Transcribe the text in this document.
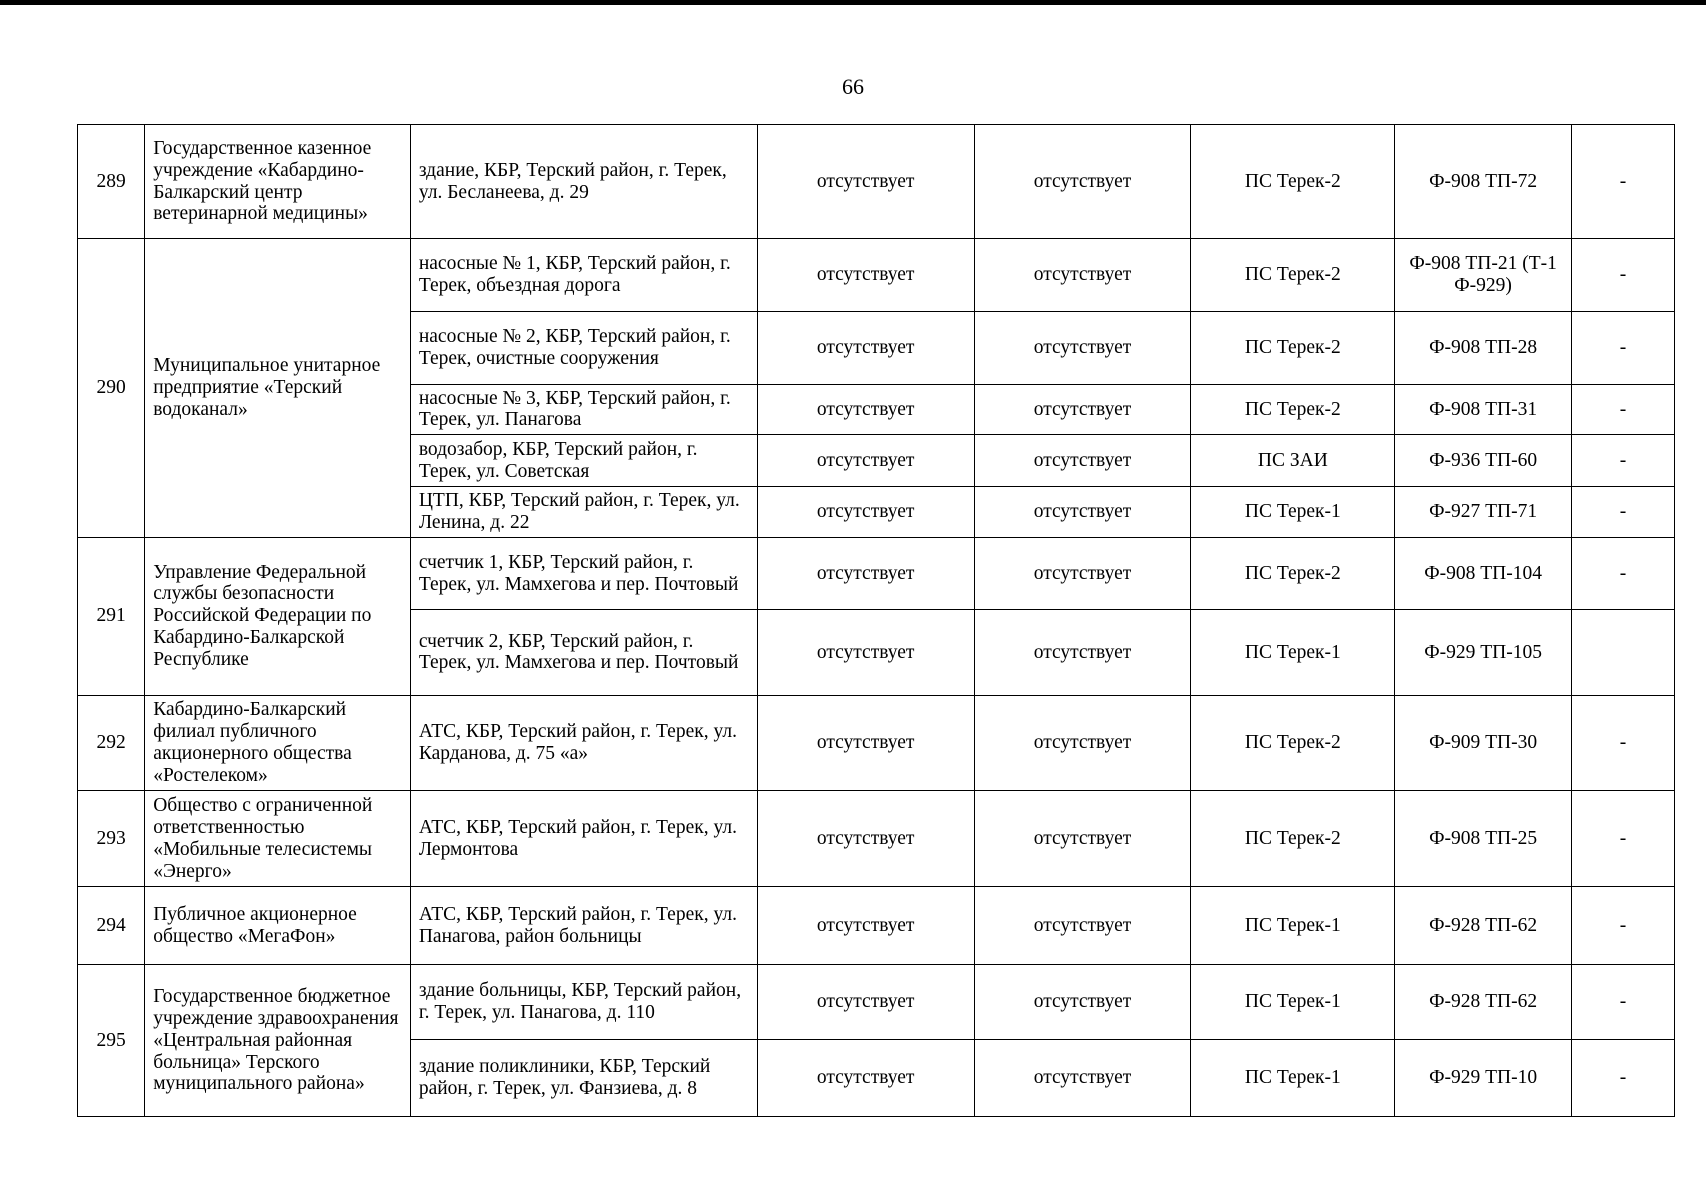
66
289	Государственное казенное учреждение «Кабардино-Балкарский центр ветеринарной медицины»	здание, КБР, Терский район, г. Терек, ул. Бесланеева, д. 29	отсутствует	отсутствует	ПС Терек-2	Ф-908 ТП-72	-
290	Муниципальное унитарное предприятие «Терский водоканал»	насосные № 1, КБР, Терский район, г. Терек, объездная дорога	отсутствует	отсутствует	ПС Терек-2	Ф-908 ТП-21 (Т-1 Ф-929)	-
		насосные № 2, КБР, Терский район, г. Терек, очистные сооружения	отсутствует	отсутствует	ПС Терек-2	Ф-908 ТП-28	-
		насосные № 3, КБР, Терский район, г. Терек, ул. Панагова	отсутствует	отсутствует	ПС Терек-2	Ф-908 ТП-31	-
		водозабор, КБР, Терский район, г. Терек, ул. Советская	отсутствует	отсутствует	ПС ЗАИ	Ф-936 ТП-60	-
		ЦТП, КБР, Терский район, г. Терек, ул. Ленина, д. 22	отсутствует	отсутствует	ПС Терек-1	Ф-927 ТП-71	-
291	Управление Федеральной службы безопасности Российской Федерации по Кабардино-Балкарской Республике	счетчик 1, КБР, Терский район, г. Терек, ул. Мамхегова и пер. Почтовый	отсутствует	отсутствует	ПС Терек-2	Ф-908 ТП-104	-
		счетчик 2, КБР, Терский район, г. Терек, ул. Мамхегова и пер. Почтовый	отсутствует	отсутствует	ПС Терек-1	Ф-929 ТП-105	
292	Кабардино-Балкарский филиал публичного акционерного общества «Ростелеком»	АТС, КБР, Терский район, г. Терек, ул. Карданова, д. 75 «а»	отсутствует	отсутствует	ПС Терек-2	Ф-909 ТП-30	-
293	Общество с ограниченной ответственностью «Мобильные телесистемы «Энерго»	АТС, КБР, Терский район, г. Терек, ул. Лермонтова	отсутствует	отсутствует	ПС Терек-2	Ф-908 ТП-25	-
294	Публичное акционерное общество «МегаФон»	АТС, КБР, Терский район, г. Терек, ул. Панагова, район больницы	отсутствует	отсутствует	ПС Терек-1	Ф-928 ТП-62	-
295	Государственное бюджетное учреждение здравоохранения «Центральная районная больница» Терского муниципального района»	здание больницы, КБР, Терский район, г. Терек, ул. Панагова, д. 110	отсутствует	отсутствует	ПС Терек-1	Ф-928 ТП-62	-
		здание поликлиники, КБР, Терский район, г. Терек, ул. Фанзиева, д. 8	отсутствует	отсутствует	ПС Терек-1	Ф-929 ТП-10	-
